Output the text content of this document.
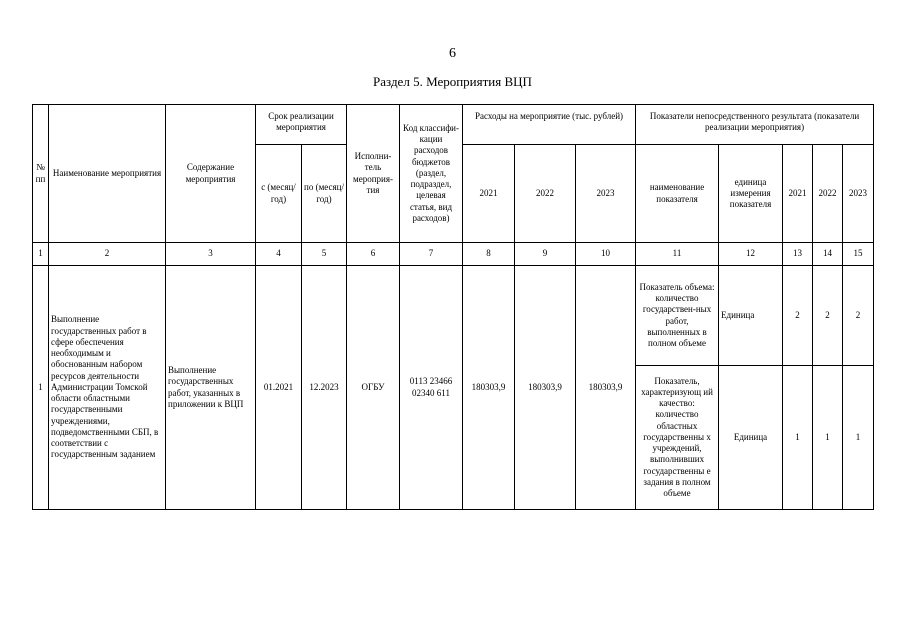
6
Раздел 5. Мероприятия ВЦП
№ пп	Наименование мероприятия	Содержание мероприятия	Срок реализации мероприятия		Исполни-тель мероприя-тия	Код классифи-кации расходов бюджетов (раздел, подраздел, целевая статья, вид расходов)	Расходы на мероприятие (тыс. рублей)			Показатели непосредственного результата (показатели реализации мероприятия)				
			с (месяц/ год)	по (месяц/ год)			2021	2022	2023	наименование показателя	единица измерения показателя	2021	2022	2023
1	2	3	4	5	6	7	8	9	10	11	12	13	14	15
1	Выполнение государственных работ в сфере обеспечения необходимым и обоснованным набором ресурсов деятельности Администрации Томской области областными государственными учреждениями, подведомственными СБП, в соответствии с государственным заданием	Выполнение государственных работ, указанных в приложении к ВЦП	01.2021	12.2023	ОГБУ	0113 23466 02340 611	180303,9	180303,9	180303,9	Показатель объема: количество государствен-ных работ, выполненных в полном объеме	Единица	2	2	2
										Показатель, характеризующ ий качество: количество областных государственны х учреждений, выполнивших государственны е задания в полном объеме	Единица	1	1	1
